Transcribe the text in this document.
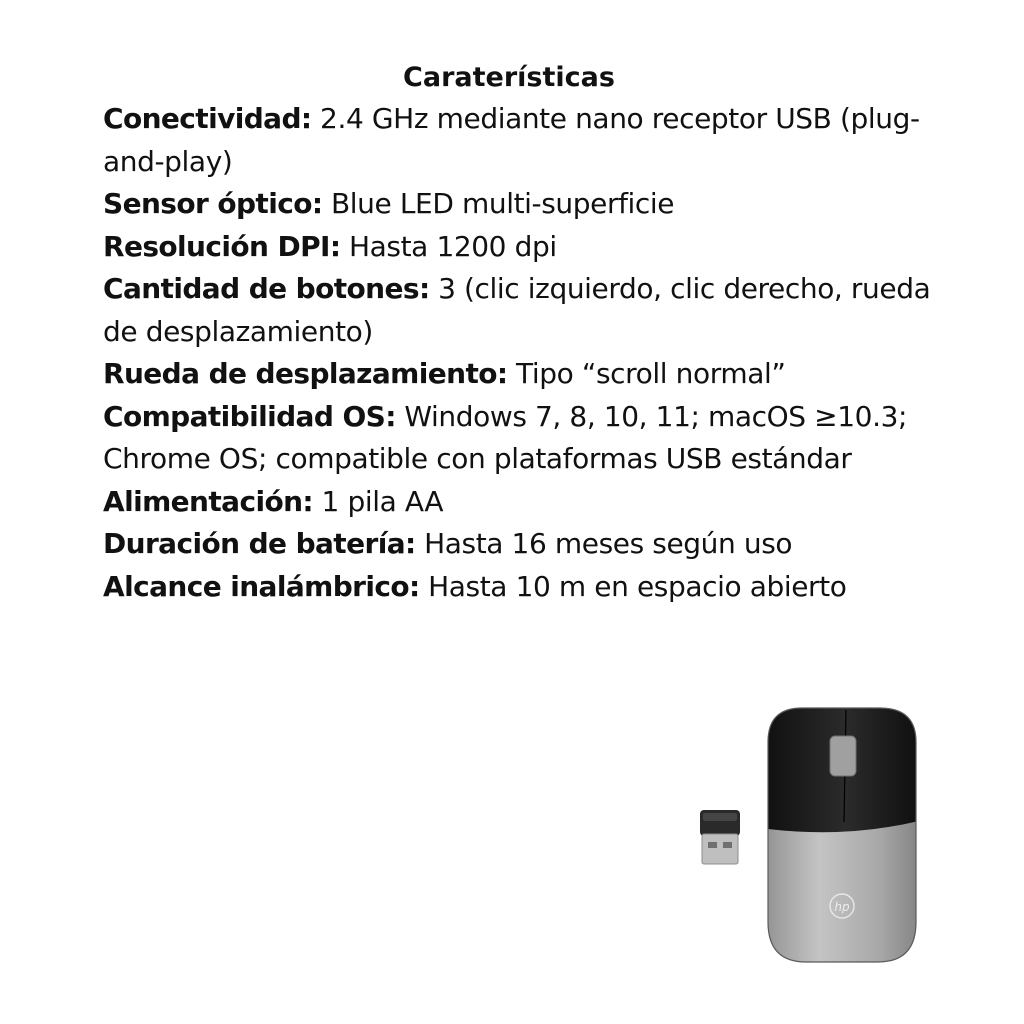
Caraterísticas
Conectividad: 2.4 GHz mediante nano receptor USB (plug-and-play)
Sensor óptico: Blue LED multi-superficie
Resolución DPI: Hasta 1200 dpi
Cantidad de botones: 3 (clic izquierdo, clic derecho, rueda de desplazamiento)
Rueda de desplazamiento: Tipo “scroll normal”
Compatibilidad OS: Windows 7, 8, 10, 11; macOS ≥10.3; Chrome OS; compatible con plataformas USB estándar
Alimentación: 1 pila AA
Duración de batería: Hasta 16 meses según uso
Alcance inalámbrico: Hasta 10 m en espacio abierto
hp
